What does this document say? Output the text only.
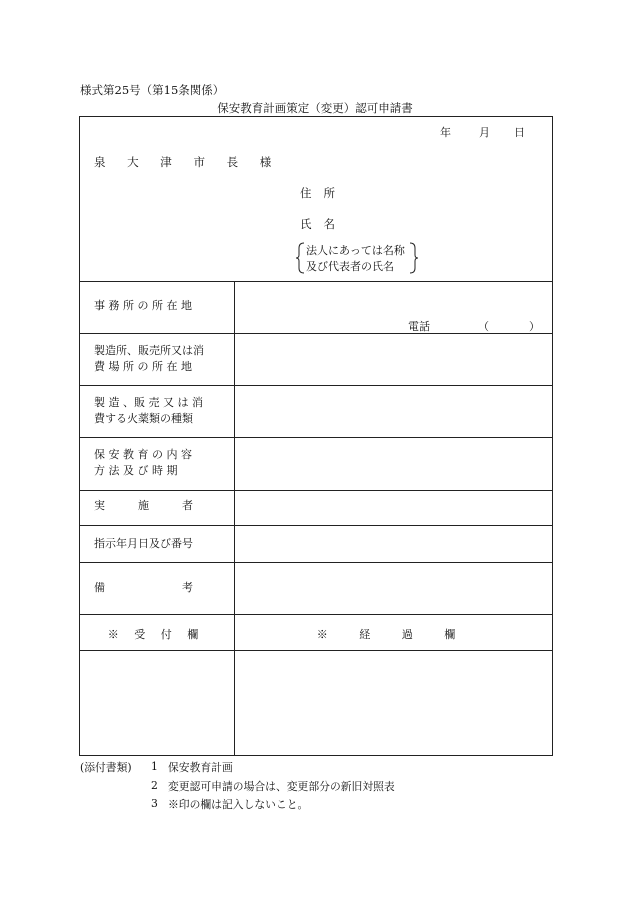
様式第25号（第15条関係）
保安教育計画策定（変更）認可申請書
年	月 日
泉 大 津 市 長 様
住所
氏名
法人にあっては名称
及び代表者の氏名
事 務 所 の 所 在 地
電話	（	）
製造所、販売所又は消
費 場 所 の 所 在 地
製 造 、販 売 又 は 消
費する火薬類の種類
保 安 教 育 の 内 容
方 法 及 び 時 期
実　　　施　　　者
指示年月日及び番号
備　　　　　　　考
※ 受 付 欄	※ 経 過 欄
(添付書類) 1 保安教育計画
2 変更認可申請の場合は、変更部分の新旧対照表
3 ※印の欄は記入しないこと。
